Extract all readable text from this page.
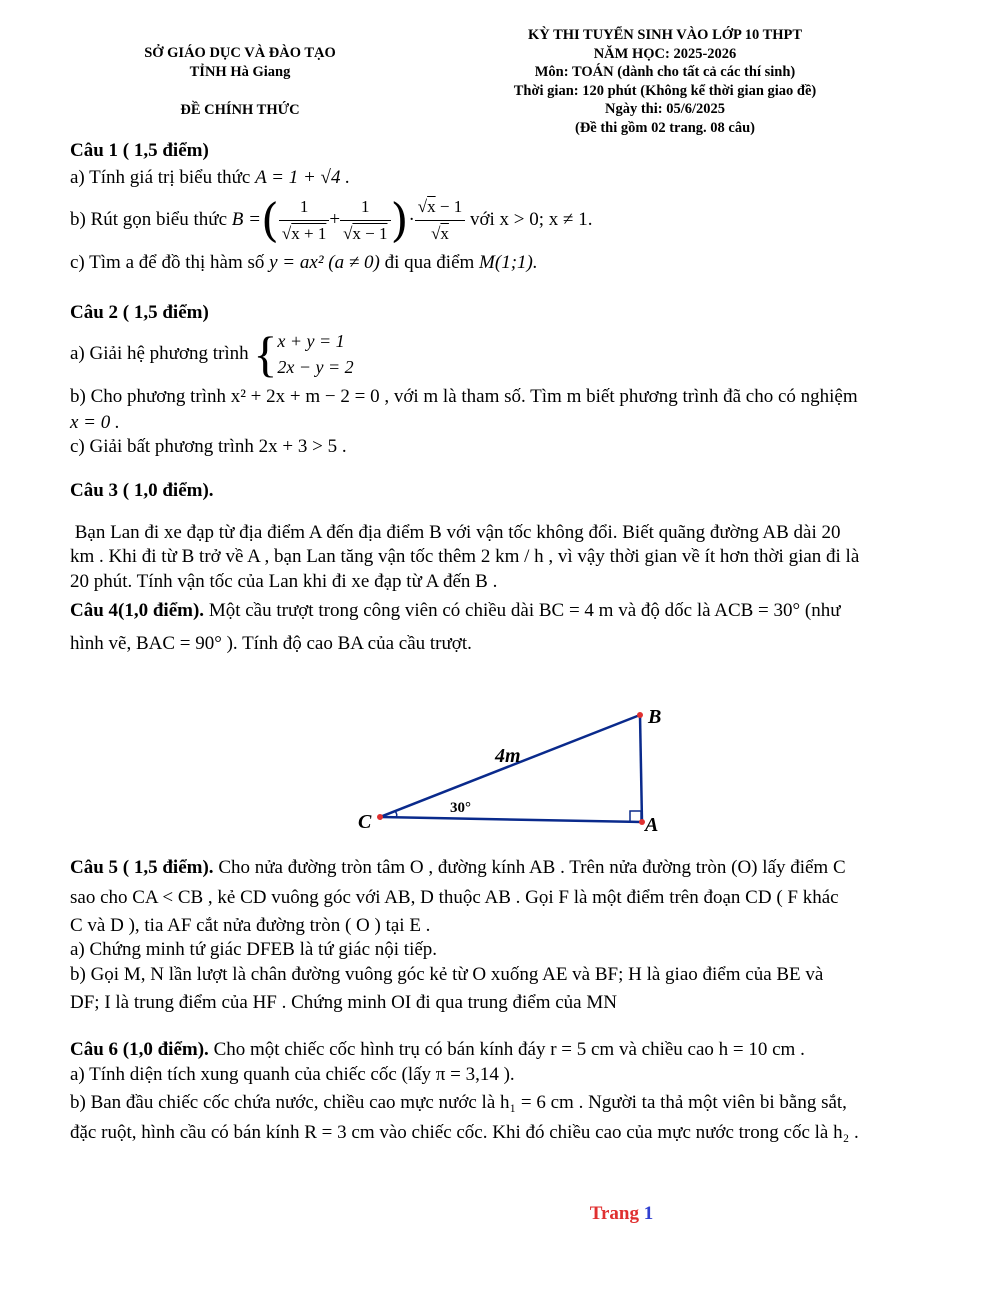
SỞ GIÁO DỤC VÀ ĐÀO TẠO
TỈNH Hà Giang
ĐỀ CHÍNH THỨC
KỲ THI TUYỂN SINH VÀO LỚP 10 THPT
NĂM HỌC: 2025-2026
Môn: TOÁN (dành cho tất cả các thí sinh)
Thời gian: 120 phút (Không kể thời gian giao đề)
Ngày thi: 05/6/2025
(Đề thi gồm 02 trang. 08 câu)
Câu 1 ( 1,5 điểm)
a) Tính giá trị biểu thức A = 1 + √4 .
b) Rút gọn biểu thức
B = ( $\frac{1}{√x + 1} + \frac{1}{√x - 1}$ ) · $\frac{√x - 1}{√x}$
với x > 0; x ≠ 1.
c) Tìm a để đồ thị hàm số y = ax² (a ≠ 0) đi qua điểm M(1;1).
Câu 2 ( 1,5 điểm)
a) Giải hệ phương trình
{ x + y = 1
2x − y = 2
b) Cho phương trình x² + 2x + m − 2 = 0 , với m là tham số. Tìm m biết phương trình đã cho có nghiệm
x = 0 .
c) Giải bất phương trình 2x + 3 > 5 .
Câu 3 ( 1,0 điểm).
Bạn Lan đi xe đạp từ địa điểm A đến địa điểm B với vận tốc không đổi. Biết quãng đường AB dài 20
km . Khi đi từ B trở về A , bạn Lan tăng vận tốc thêm 2 km / h , vì vậy thời gian về ít hơn thời gian đi là
20 phút. Tính vận tốc của Lan khi đi xe đạp từ A đến B .
Câu 4(1,0 điểm). Một cầu trượt trong công viên có chiều dài BC = 4 m và độ dốc là ACB = 30° (như
hình vẽ, BAC = 90° ). Tính độ cao BA của cầu trượt.
B
C	A
4m
30°
Câu 5 ( 1,5 điểm). Cho nửa đường tròn tâm O , đường kính AB . Trên nửa đường tròn (O) lấy điểm C
sao cho CA < CB , kẻ CD vuông góc với AB, D thuộc AB . Gọi F là một điểm trên đoạn CD ( F khác
C và D ), tia AF cắt nửa đường tròn ( O ) tại E .
a) Chứng minh tứ giác DFEB là tứ giác nội tiếp.
b) Gọi M, N lần lượt là chân đường vuông góc kẻ từ O xuống AE và BF; H là giao điểm của BE và
DF; I là trung điểm của HF . Chứng minh OI đi qua trung điểm của MN
Câu 6 (1,0 điểm). Cho một chiếc cốc hình trụ có bán kính đáy r = 5 cm và chiều cao h = 10 cm .
a) Tính diện tích xung quanh của chiếc cốc (lấy π = 3,14 ).
b) Ban đầu chiếc cốc chứa nước, chiều cao mực nước là h₁ = 6 cm . Người ta thả một viên bi bằng sắt,
đặc ruột, hình cầu có bán kính R = 3 cm vào chiếc cốc. Khi đó chiều cao của mực nước trong cốc là h₂ .
Trang 1
